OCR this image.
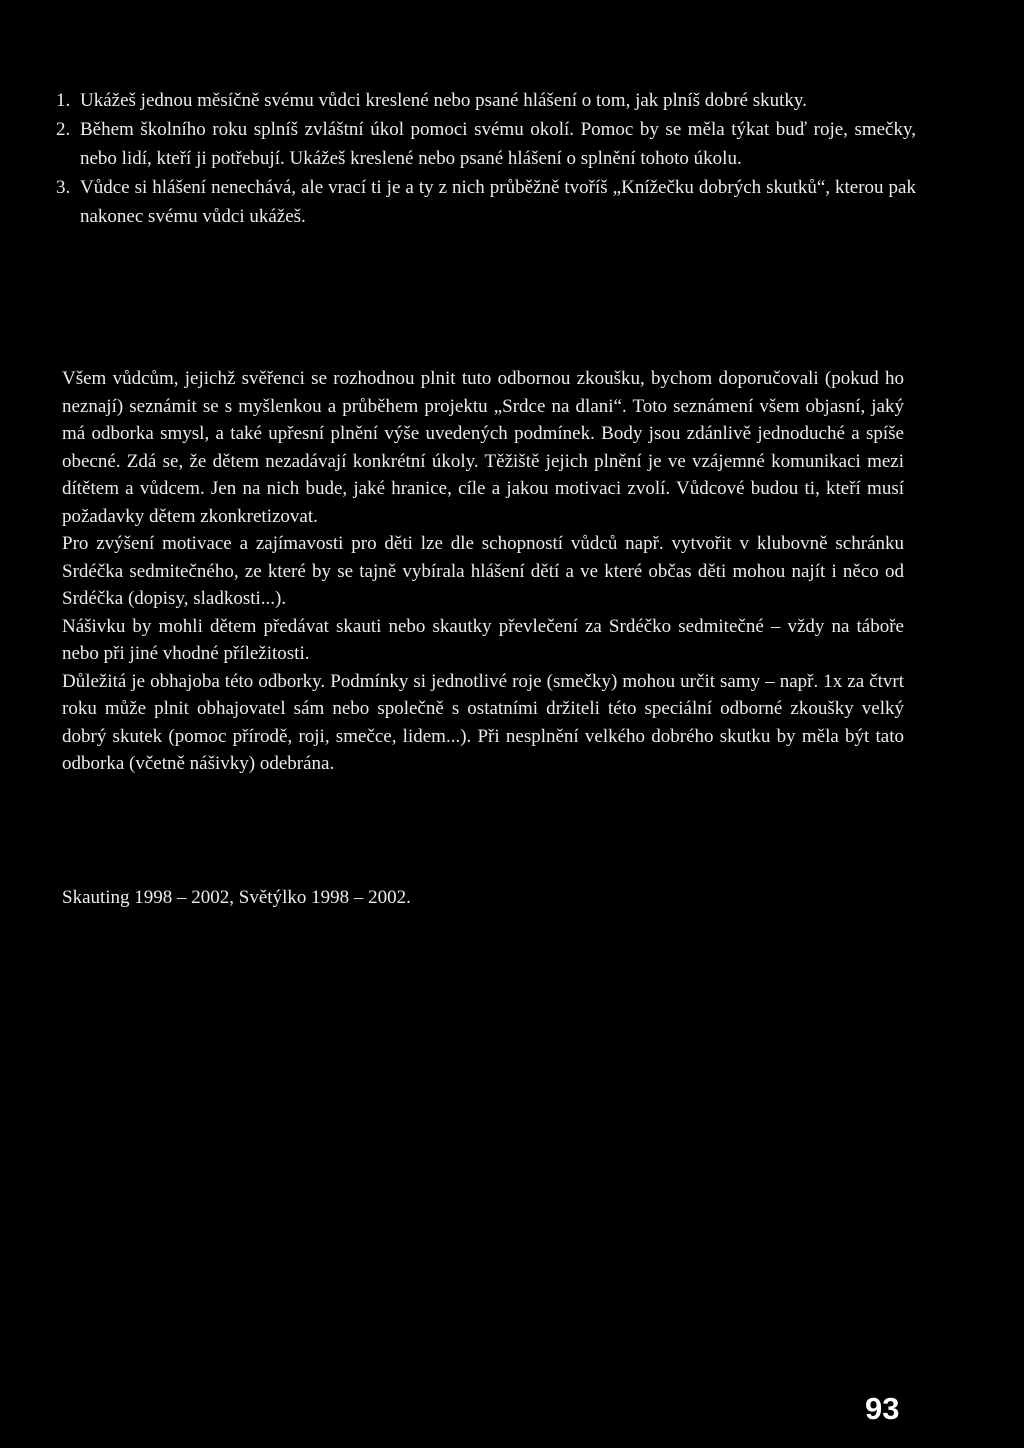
1. Ukážeš jednou měsíčně svému vůdci kreslené nebo psané hlášení o tom, jak plníš dobré skutky.
2. Během školního roku splníš zvláštní úkol pomoci svému okolí. Pomoc by se měla týkat buď roje, smečky, nebo lidí, kteří ji potřebují. Ukážeš kreslené nebo psané hlášení o splnění tohoto úkolu.
3. Vůdce si hlášení nenechává, ale vrací ti je a ty z nich průběžně tvoříš „Knížečku dobrých skutků“, kterou pak nakonec svému vůdci ukážeš.

Všem vůdcům, jejichž svěřenci se rozhodnou plnit tuto odbornou zkoušku, bychom doporučovali (pokud ho neznají) seznámit se s myšlenkou a průběhem projektu „Srdce na dlani“. Toto seznámení všem objasní, jaký má odborka smysl, a také upřesní plnění výše uvedených podmínek. Body jsou zdánlivě jednoduché a spíše obecné. Zdá se, že dětem nezadávají konkrétní úkoly. Těžiště jejich plnění je ve vzájemné komunikaci mezi dítětem a vůdcem. Jen na nich bude, jaké hranice, cíle a jakou motivaci zvolí. Vůdcové budou ti, kteří musí požadavky dětem zkonkretizovat.

Pro zvýšení motivace a zajímavosti pro děti lze dle schopností vůdců např. vytvořit v klubovně schránku Srdéčka sedmitečného, ze které by se tajně vybírala hlášení dětí a ve které občas děti mohou najít i něco od Srdéčka (dopisy, sladkosti...).

Nášivku by mohli dětem předávat skauti nebo skautky převlečení za Srdéčko sedmitečné – vždy na táboře nebo při jiné vhodné příležitosti.

Důležitá je obhajoba této odborky. Podmínky si jednotlivé roje (smečky) mohou určit samy – např. 1x za čtvrt roku může plnit obhajovatel sám nebo společně s ostatními držiteli této speciální odborné zkoušky velký dobrý skutek (pomoc přírodě, roji, smečce, lidem...). Při nesplnění velkého dobrého skutku by měla být tato odborka (včetně nášivky) odebrána.

Skauting 1998 – 2002, Světýlko 1998 – 2002.
93
